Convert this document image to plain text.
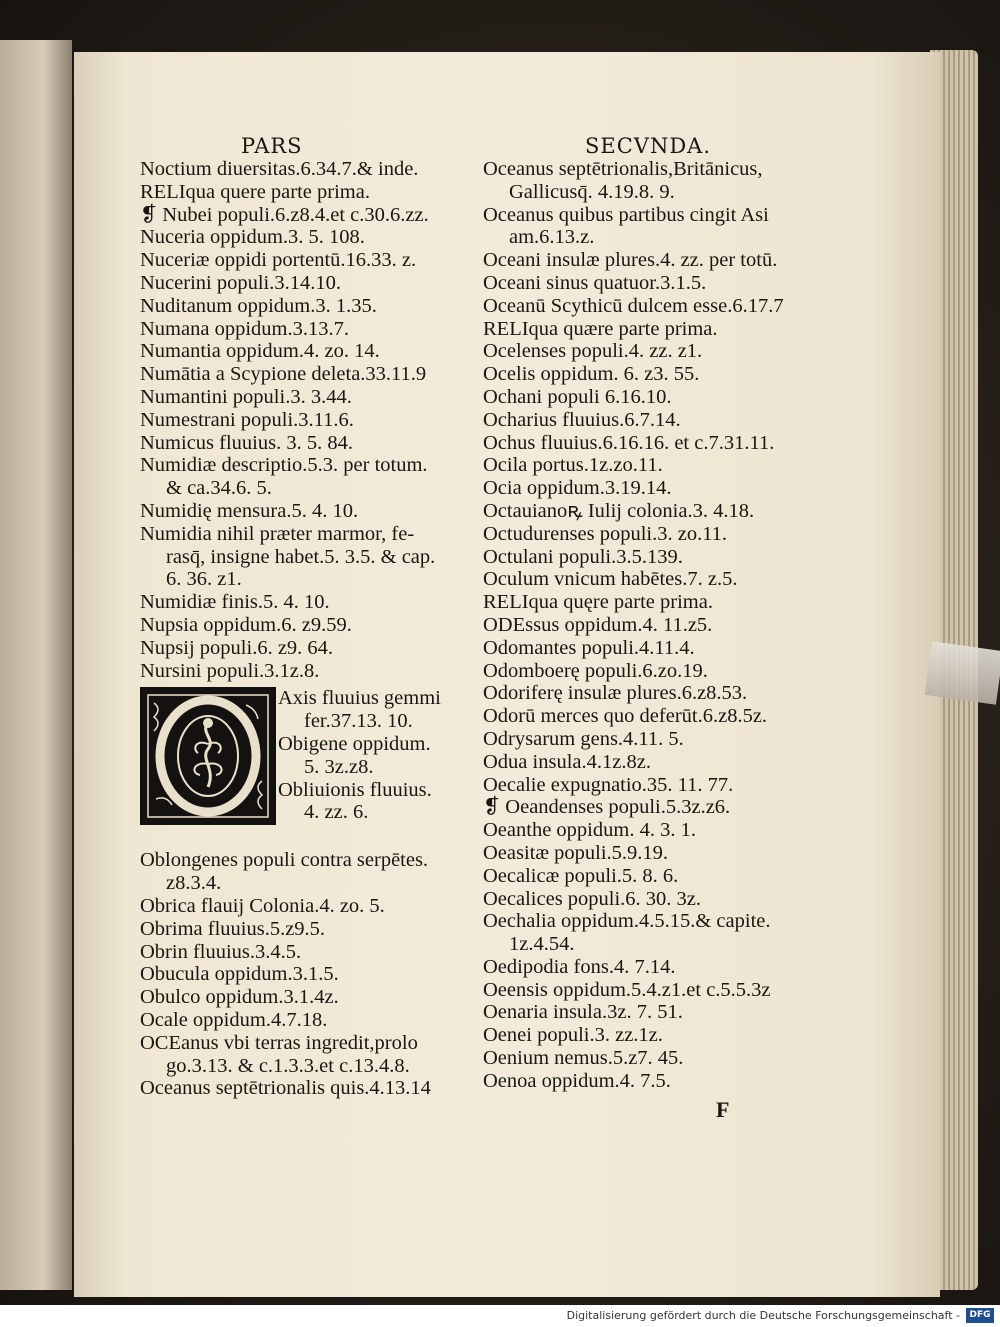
PARS	SECVNDA.
Noctium diuersitas.6.34.7.& inde.
RELIqua quere parte prima.
❡ Nubei populi.6.z8.4.et c.30.6.zz.
Nuceria oppidum.3. 5. 108.
Nuceriæ oppidi portentū.16.33. z.
Nucerini populi.3.14.10.
Nuditanum oppidum.3. 1.35.
Numana oppidum.3.13.7.
Numantia oppidum.4. zo. 14.
Numātia a Scypione deleta.33.11.9
Numantini populi.3. 3.44.
Numestrani populi.3.11.6.
Numicus fluuius. 3. 5. 84.
Numidiæ descriptio.5.3. per totum.
& ca.34.6. 5.
Numidię mensura.5. 4. 10.
Numidia nihil præter marmor, fe-
rasq̄, insigne habet.5. 3.5. & cap.
6. 36. z1.
Numidiæ finis.5. 4. 10.
Nupsia oppidum.6. z9.59.
Nupsij populi.6. z9. 64.
Nursini populi.3.1z.8.
Axis fluuius gemmi
fer.37.13. 10.
Obigene oppidum.
5. 3z.z8.
Obliuionis fluuius.
4. zz. 6.
Oblongenes populi contra serpētes.
z8.3.4.
Obrica flauij Colonia.4. zo. 5.
Obrima fluuius.5.z9.5.
Obrin fluuius.3.4.5.
Obucula oppidum.3.1.5.
Obulco oppidum.3.1.4z.
Ocale oppidum.4.7.18.
OCEanus vbi terras ingredit,prolo
go.3.13. & c.1.3.3.et c.13.4.8.
Oceanus septētrionalis quis.4.13.14
Oceanus septētrionalis,Britānicus,
Gallicusq̄. 4.19.8. 9.
Oceanus quibus partibus cingit Asi
am.6.13.z.
Oceani insulæ plures.4. zz. per totū.
Oceani sinus quatuor.3.1.5.
Oceanū Scythicū dulcem esse.6.17.7
RELIqua quære parte prima.
Ocelenses populi.4. zz. z1.
Ocelis oppidum. 6. z3. 55.
Ochani populi 6.16.10.
Ocharius fluuius.6.7.14.
Ochus fluuius.6.16.16. et c.7.31.11.
Ocila portus.1z.zo.11.
Ocia oppidum.3.19.14.
Octauianoꝶ Iulij colonia.3. 4.18.
Octudurenses populi.3. zo.11.
Octulani populi.3.5.139.
Oculum vnicum habētes.7. z.5.
RELIqua quęre parte prima.
ODEssus oppidum.4. 11.z5.
Odomantes populi.4.11.4.
Odomboerę populi.6.zo.19.
Odoriferę insulæ plures.6.z8.53.
Odorū merces quo deferūt.6.z8.5z.
Odrysarum gens.4.11. 5.
Odua insula.4.1z.8z.
Oecalie expugnatio.35. 11. 77.
❡ Oeandenses populi.5.3z.z6.
Oeanthe oppidum. 4. 3. 1.
Oeasitæ populi.5.9.19.
Oecalicæ populi.5. 8. 6.
Oecalices populi.6. 30. 3z.
Oechalia oppidum.4.5.15.& capite.
1z.4.54.
Oedipodia fons.4. 7.14.
Oeensis oppidum.5.4.z1.et c.5.5.3z
Oenaria insula.3z. 7. 51.
Oenei populi.3. zz.1z.
Oenium nemus.5.z7. 45.
Oenoa oppidum.4. 7.5.
F
Digitalisierung gefördert durch die Deutsche Forschungsgemeinschaft -	DFG
